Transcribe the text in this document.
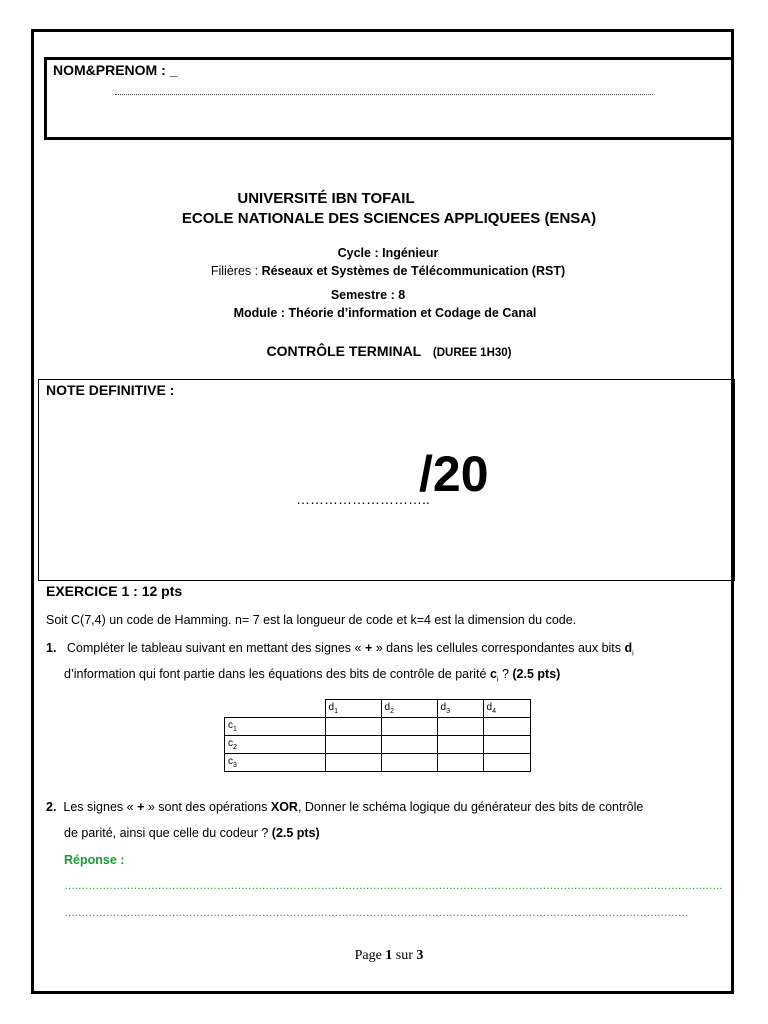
NOM&PRENOM : _
UNIVERSITÉ IBN TOFAIL
ECOLE NATIONALE DES SCIENCES APPLIQUEES (ENSA)
Cycle : Ingénieur
Filières : Réseaux et Systèmes de Télécommunication (RST)
Semestre : 8
Module : Théorie d’information et Codage de Canal
CONTRÔLE TERMINAL (DUREE 1H30)
NOTE DEFINITIVE :
………………………..
/20
EXERCICE 1 : 12 pts
Soit C(7,4) un code de Hamming. n= 7 est la longueur de code et k=4 est la dimension du code.
1. Compléter le tableau suivant en mettant des signes « + » dans les cellules correspondantes aux bits $d_i$
d’information qui font partie dans les équations des bits de contrôle de parité $c_i$ ? (2.5 pts)
	$d_1$	$d_2$	$d_3$	$d_4$
$c_1$				
$c_2$				
$c_3$				
2. Les signes « + » sont des opérations XOR, Donner le schéma logique du générateur des bits de contrôle
de parité, ainsi que celle du codeur ? (2.5 pts)
Réponse :
……………………………………………………………………………………………………………………………………………………………………….
………………………………………………………………………………………………………………………………………………………………
Page 1 sur 3
